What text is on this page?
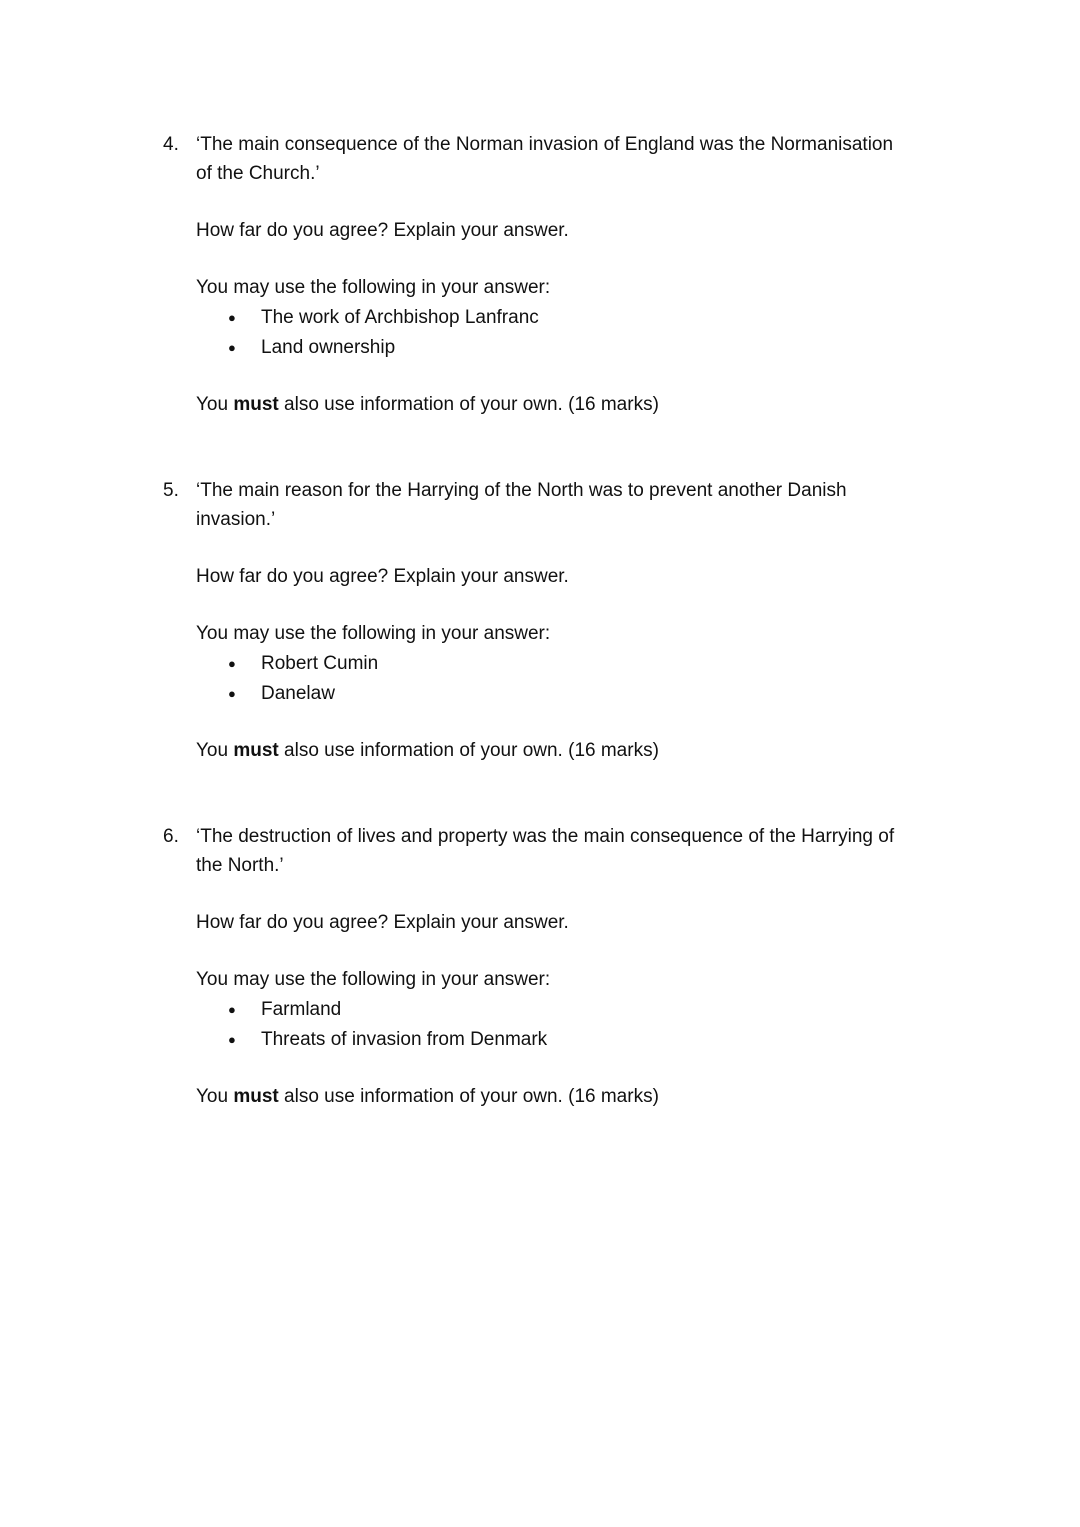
4. ‘The main consequence of the Norman invasion of England was the Normanisation
of the Church.’
How far do you agree? Explain your answer.
You may use the following in your answer:
● The work of Archbishop Lanfranc
● Land ownership
You must also use information of your own. (16 marks)
5. ‘The main reason for the Harrying of the North was to prevent another Danish
invasion.’
How far do you agree? Explain your answer.
You may use the following in your answer:
● Robert Cumin
● Danelaw
You must also use information of your own. (16 marks)
6. ‘The destruction of lives and property was the main consequence of the Harrying of
the North.’
How far do you agree? Explain your answer.
You may use the following in your answer:
● Farmland
● Threats of invasion from Denmark
You must also use information of your own. (16 marks)
